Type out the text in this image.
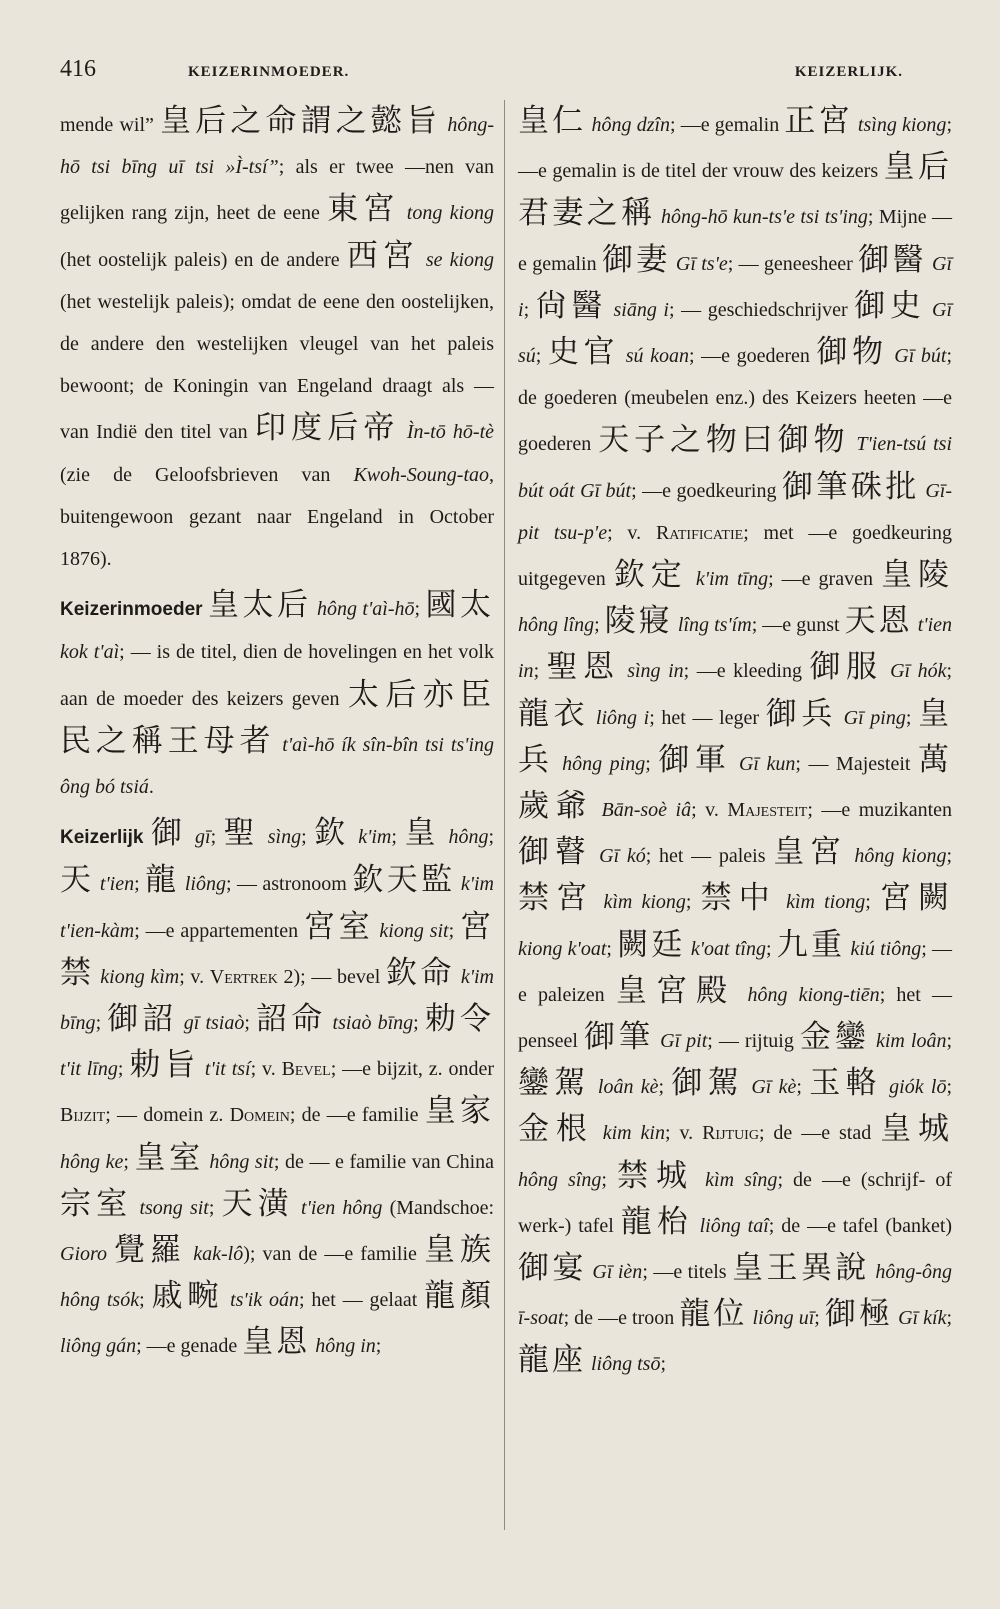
416	KEIZERINMOEDER.	KEIZERLIJK.

mende wil” 皇后之命謂之懿旨 hông-hō tsi bīng uī tsi »Ì-tsí”; als er twee —nen van gelijken rang zijn, heet de eene 東宮 tong kiong (het oostelijk paleis) en de andere 西宮 se kiong (het westelijk paleis); omdat de eene den oostelijken, de andere den westelijken vleugel van het paleis bewoont; de Koningin van Engeland draagt als — van Indië den titel van 印度后帝 Ìn-tō hō-tè (zie de Geloofsbrieven van Kwoh-Soung-tao, buitengewoon gezant naar Engeland in October 1876).

Keizerinmoeder 皇太后 hông t'aì-hō; 國太 kok t'aì; — is de titel, dien de hovelingen en het volk aan de moeder des keizers geven 太后亦臣民之稱王母者 t'aì-hō ík sîn-bîn tsi ts'ing ông bó tsiá.

Keizerlijk 御 gī; 聖 sìng; 欽 k'im; 皇 hông; 天 t'ien; 龍 liông; — astronoom 欽天監 k'im t'ien-kàm; —e appartementen 宮室 kiong sit; 宮禁 kiong kìm; v. Vertrek 2); — bevel 欽命 k'im bīng; 御詔 gī tsiaò; 詔命 tsiaò bīng; 勅令 t'it līng; 勅旨 t'it tsí; v. Bevel; —e bijzit, z. onder Bijzit; — domein z. Domein; de —e familie 皇家 hông ke; 皇室 hông sit; de — e familie van China 宗室 tsong sit; 天潢 t'ien hông (Mandschoe: Gioro 覺羅 kak-lô); van de —e familie 皇族 hông tsók; 戚畹 ts'ik oán; het — gelaat 龍顏 liông gán; —e genade 皇恩 hông in;

皇仁 hông dzîn; —e gemalin 正宮 tsìng kiong; —e gemalin is de titel der vrouw des keizers 皇后君妻之稱 hông-hō kun-ts'e tsi ts'ing; Mijne —e gemalin 御妻 Gī ts'e; — geneesheer 御醫 Gī i; 尙醫 siāng i; — geschiedschrijver 御史 Gī sú; 史官 sú koan; —e goederen 御物 Gī bút; de goederen (meubelen enz.) des Keizers heeten —e goederen 天子之物曰御物 T'ien-tsú tsi bút oát Gī bút; —e goedkeuring 御筆硃批 Gī-pit tsu-p'e; v. Ratificatie; met —e goedkeuring uitgegeven 欽定 k'im tīng; —e graven 皇陵 hông lîng; 陵寢 lîng ts'ím; —e gunst 天恩 t'ien in; 聖恩 sìng in; —e kleeding 御服 Gī hók; 龍衣 liông i; het — leger 御兵 Gī ping; 皇兵 hông ping; 御軍 Gī kun; — Majesteit 萬歲爺 Bān-soè iâ; v. Majesteit; —e muzikanten 御瞽 Gī kó; het — paleis 皇宮 hông kiong; 禁宮 kìm kiong; 禁中 kìm tiong; 宮闕 kiong k'oat; 闕廷 k'oat tîng; 九重 kiú tiông; —e paleizen 皇宮殿 hông kiong-tiēn; het — penseel 御筆 Gī pit; — rijtuig 金鑾 kim loân; 鑾駕 loân kè; 御駕 Gī kè; 玉輅 giók lō; 金根 kim kin; v. Rijtuig; de —e stad 皇城 hông sîng; 禁城 kìm sîng; de —e (schrijf- of werk-) tafel 龍枱 liông taî; de —e tafel (banket) 御宴 Gī ièn; —e titels 皇王異說 hông-ông ī-soat; de —e troon 龍位 liông uī; 御極 Gī kík; 龍座 liông tsō;
